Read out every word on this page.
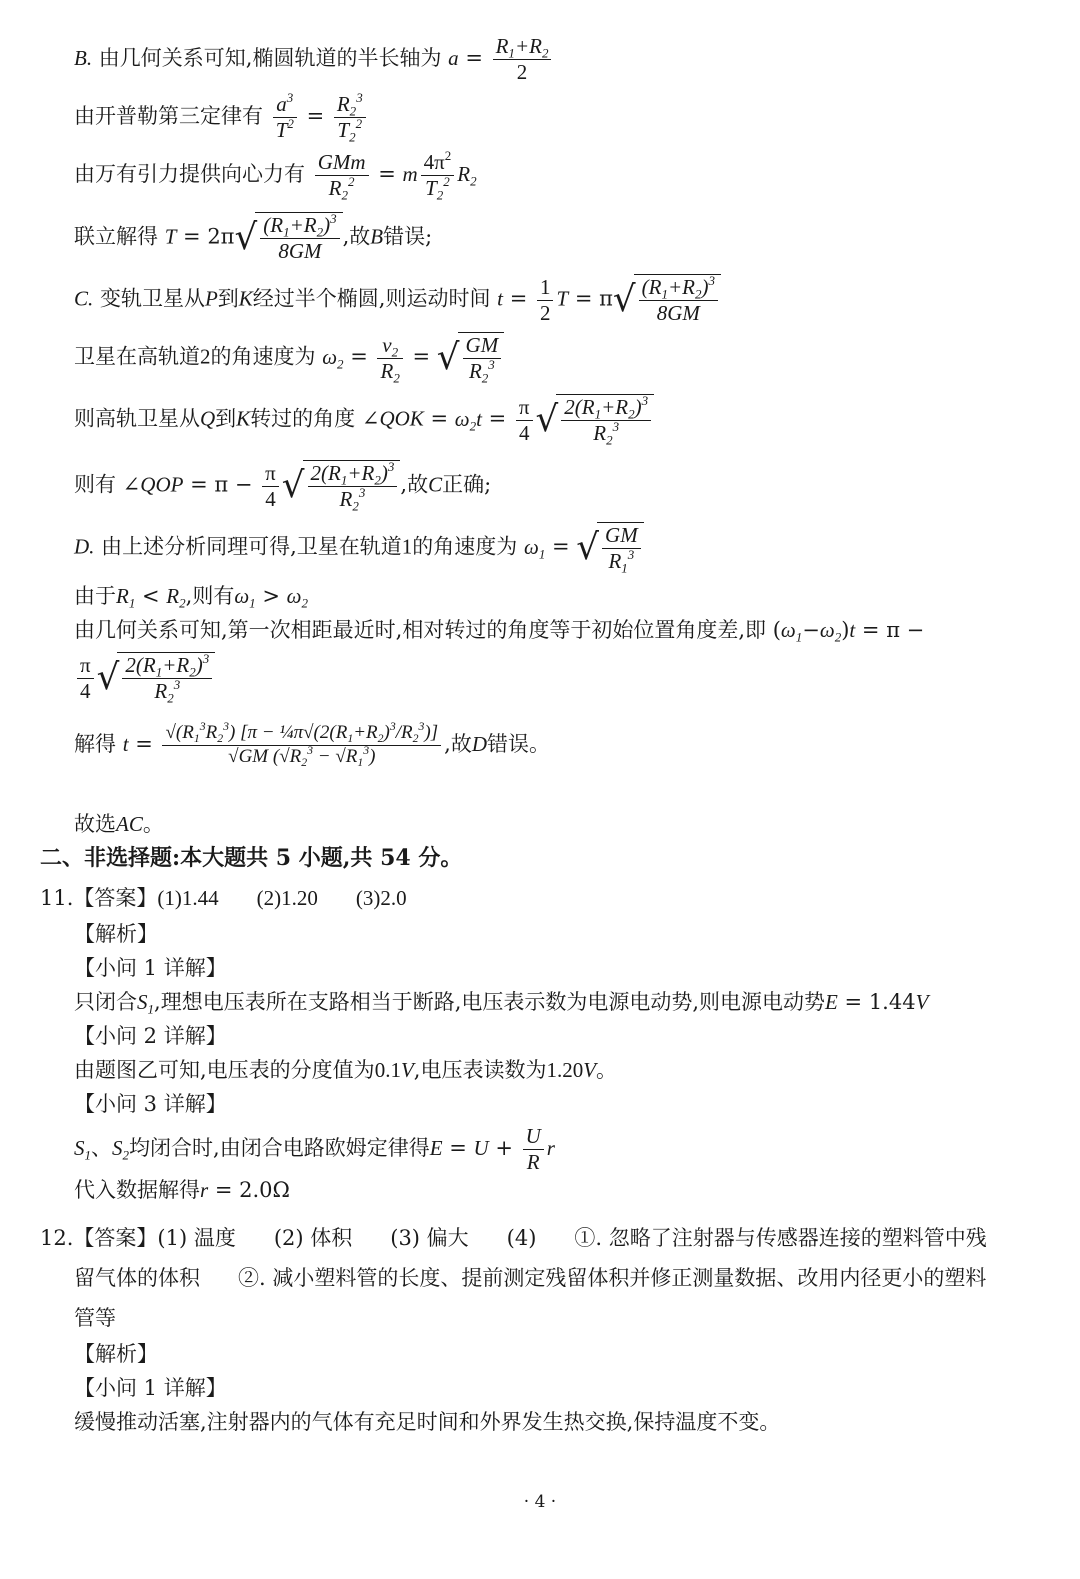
B. 由几何关系可知,椭圆轨道的半长轴为 $a = \frac{R_1+R_2}{2}$
由开普勒第三定律有 $\frac{a^3}{T^2} = \frac{R_2^3}{T_2^2}$
由万有引力提供向心力有 $\frac{\text{GMm}}{R_2^2} = m \frac{4\pi^2}{T_2^2} R_2$
联立解得 $T = 2\pi√ \frac{(R_1+R_2)^3}{8GM}$ ,故B错误;
C. 变轨卫星从P到K经过半个椭圆,则运动时间 $t = \frac{1}{2}$ $T = \pi√ \frac{(R_1+R_2)^3}{8GM}$
卫星在高轨道2的角速度为 $\omega_2 = \frac{v_2}{R_2}$ = √ $\frac{GM}{R_2^3}$
则高轨卫星从Q到K转过的角度 ∠QOK = $\omega_2t = \frac{\pi}{4}$ √ $\frac{2(R_1+R_2)^3}{R_2^3}$
则有 ∠QOP = $\pi - \frac{\pi}{4}$ √ $\frac{2(R_1+R_2)^3}{R_2^3}$ ,故C正确;
D. 由上述分析同理可得,卫星在轨道1的角速度为 $\omega_1$ = √ $\frac{GM}{R_1^3}$
由于$R_1 < R_2$,则有$\omega_1 > \omega_2$
由几何关系可知,第一次相距最近时,相对转过的角度等于初始位置角度差,即 $(\omega_1-\omega_2)t = \pi$ −
$\frac{\pi}{4}$ √ $\frac{2(R_1+R_2)^3}{R_2^3}$
解得 $t = \frac{√(R_1^3R_2^3) [\pi - \frac{1}{4}\pi√(2(R_1+R_2)^3/R_2^3)]}{√GM (√R_2^3 - √R_1^3)}$ ,故D错误。
故选AC。
二、非选择题:本大题共 5 小题,共 54 分。
11.【答案】(1)1.44 (2)1.20 (3)2.0
【解析】
【小问 1 详解】
只闭合$S_1$,理想电压表所在支路相当于断路,电压表示数为电源电动势,则电源电动势E = 1.44V
【小问 2 详解】
由题图乙可知,电压表的分度值为0.1V,电压表读数为1.20V。
【小问 3 详解】
$S_1$、$S_2$均闭合时,由闭合电路欧姆定律得$E = U + \frac{U}{R}$ r
代入数据解得r = 2.0Ω
12.【答案】(1) 温度 (2) 体积 (3) 偏大 (4) ①. 忽略了注射器与传感器连接的塑料管中残
留气体的体积 ②. 减小塑料管的长度、提前测定残留体积并修正测量数据、改用内径更小的塑料
管等
【解析】
【小问 1 详解】
缓慢推动活塞,注射器内的气体有充足时间和外界发生热交换,保持温度不变。
· 4 ·
